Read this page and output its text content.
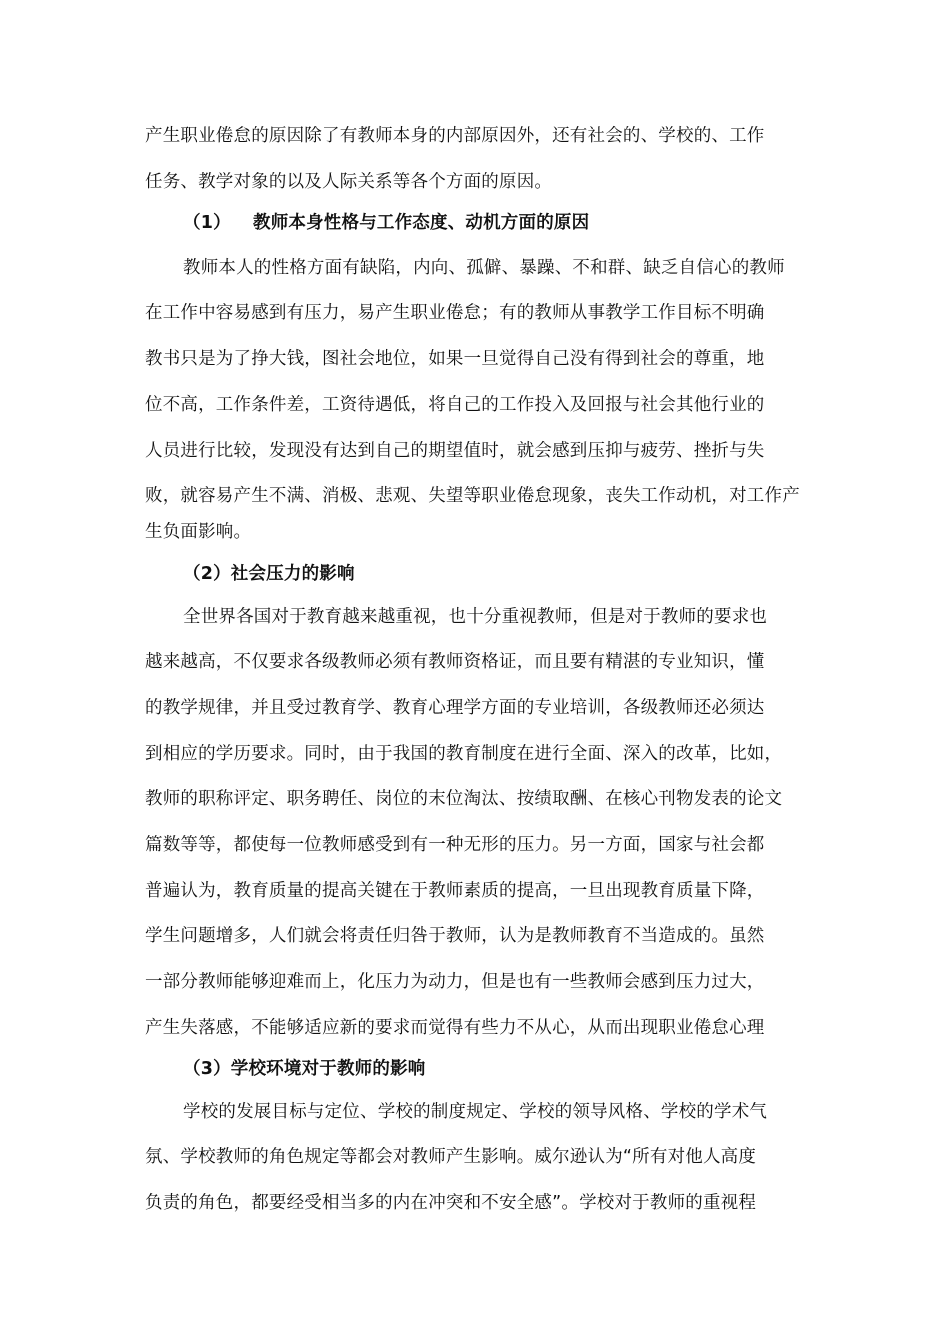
产生职业倦怠的原因除了有教师本身的内部原因外，还有社会的、学校的、工作
任务、教学对象的以及人际关系等各个方面的原因。
（1） 教师本身性格与工作态度、动机方面的原因
教师本人的性格方面有缺陷，内向、孤僻、暴躁、不和群、缺乏自信心的教师
在工作中容易感到有压力，易产生职业倦怠；有的教师从事教学工作目标不明确
教书只是为了挣大钱，图社会地位，如果一旦觉得自己没有得到社会的尊重，地
位不高，工作条件差，工资待遇低，将自己的工作投入及回报与社会其他行业的
人员进行比较，发现没有达到自己的期望值时，就会感到压抑与疲劳、挫折与失
败，就容易产生不满、消极、悲观、失望等职业倦怠现象，丧失工作动机，对工作产
生负面影响。
（2）社会压力的影响
全世界各国对于教育越来越重视，也十分重视教师，但是对于教师的要求也
越来越高，不仅要求各级教师必须有教师资格证，而且要有精湛的专业知识，懂
的教学规律，并且受过教育学、教育心理学方面的专业培训，各级教师还必须达
到相应的学历要求。同时，由于我国的教育制度在进行全面、深入的改革，比如，
教师的职称评定、职务聘任、岗位的末位淘汰、按绩取酬、在核心刊物发表的论文
篇数等等，都使每一位教师感受到有一种无形的压力。另一方面，国家与社会都
普遍认为，教育质量的提高关键在于教师素质的提高，一旦出现教育质量下降，
学生问题增多，人们就会将责任归咎于教师，认为是教师教育不当造成的。虽然
一部分教师能够迎难而上，化压力为动力，但是也有一些教师会感到压力过大，
产生失落感，不能够适应新的要求而觉得有些力不从心，从而出现职业倦怠心理
（3）学校环境对于教师的影响
学校的发展目标与定位、学校的制度规定、学校的领导风格、学校的学术气
氛、学校教师的角色规定等都会对教师产生影响。威尔逊认为“所有对他人高度
负责的角色，都要经受相当多的内在冲突和不安全感”。学校对于教师的重视程
